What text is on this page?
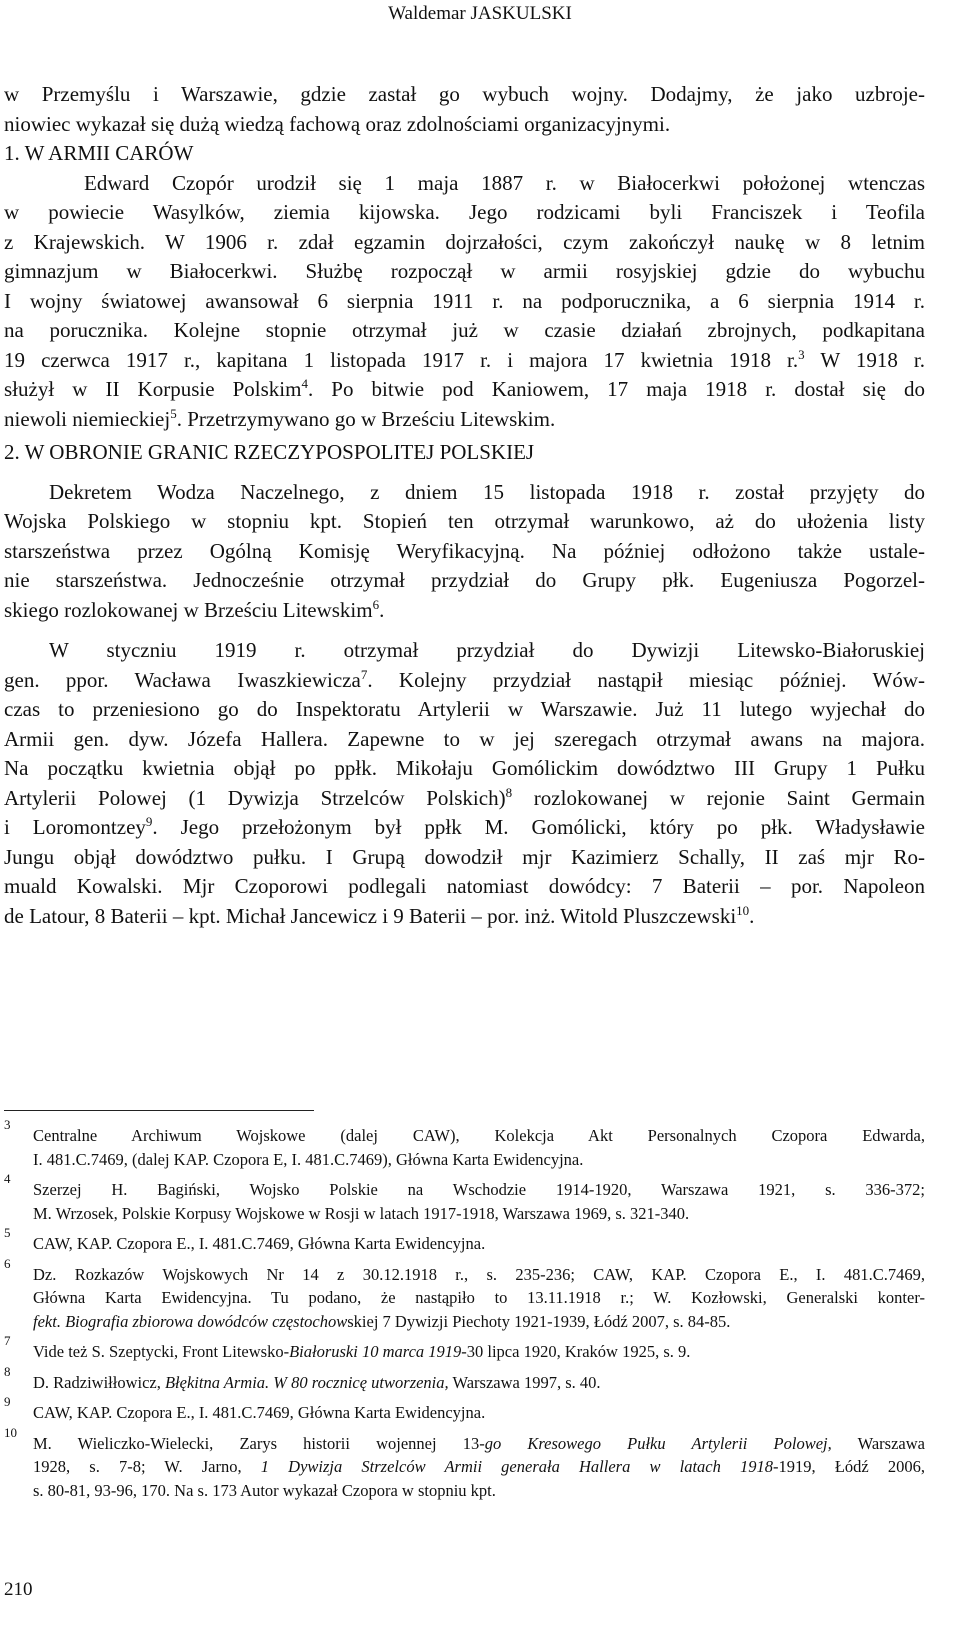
Waldemar JASKULSKI
w Przemyślu i Warszawie, gdzie zastał go wybuch wojny. Dodajmy, że jako uzbroje-
niowiec wykazał się dużą wiedzą fachową oraz zdolnościami organizacyjnymi.
1. W ARMII CARÓW
Edward Czopór urodził się 1 maja 1887 r. w Białocerkwi położonej wtenczas
w powiecie Wasylków, ziemia kijowska. Jego rodzicami byli Franciszek i Teofila
z Krajewskich. W 1906 r. zdał egzamin dojrzałości, czym zakończył naukę w 8 letnim
gimnazjum w Białocerkwi. Służbę rozpoczął w armii rosyjskiej gdzie do wybuchu
I wojny światowej awansował 6 sierpnia 1911 r. na podporucznika, a 6 sierpnia 1914 r.
na porucznika. Kolejne stopnie otrzymał już w czasie działań zbrojnych, podkapitana
19 czerwca 1917 r., kapitana 1 listopada 1917 r. i majora 17 kwietnia 1918 r.$^3$ W 1918 r.
służył w II Korpusie Polskim$^4$. Po bitwie pod Kaniowem, 17 maja 1918 r. dostał się do
niewoli niemieckiej$^5$. Przetrzymywano go w Brześciu Litewskim.
2. W OBRONIE GRANIC RZECZYPOSPOLITEJ POLSKIEJ
Dekretem Wodza Naczelnego, z dniem 15 listopada 1918 r. został przyjęty do
Wojska Polskiego w stopniu kpt. Stopień ten otrzymał warunkowo, aż do ułożenia listy
starszeństwa przez Ogólną Komisję Weryfikacyjną. Na później odłożono także ustale-
nie starszeństwa. Jednocześnie otrzymał przydział do Grupy płk. Eugeniusza Pogorzel-
skiego rozlokowanej w Brześciu Litewskim$^6$.
W styczniu 1919 r. otrzymał przydział do Dywizji Litewsko-Białoruskiej
gen. ppor. Wacława Iwaszkiewicza$^7$. Kolejny przydział nastąpił miesiąc później. Wów-
czas to przeniesiono go do Inspektoratu Artylerii w Warszawie. Już 11 lutego wyjechał do
Armii gen. dyw. Józefa Hallera. Zapewne to w jej szeregach otrzymał awans na majora.
Na początku kwietnia objął po ppłk. Mikołaju Gomólickim dowództwo III Grupy 1 Pułku
Artylerii Polowej (1 Dywizja Strzelców Polskich)$^8$ rozlokowanej w rejonie Saint Germain
i Loromontzey$^9$. Jego przełożonym był ppłk M. Gomólicki, który po płk. Władysławie
Jungu objął dowództwo pułku. I Grupą dowodził mjr Kazimierz Schally, II zaś mjr Ro-
muald Kowalski. Mjr Czoporowi podlegali natomiast dowódcy: 7 Baterii – por. Napoleon
de Latour, 8 Baterii – kpt. Michał Jancewicz i 9 Baterii – por. inż. Witold Pluszczewski$^{10}$.
3
Centralne Archiwum Wojskowe (dalej CAW), Kolekcja Akt Personalnych Czopora Edwarda,
I. 481.C.7469, (dalej KAP. Czopora E, I. 481.C.7469), Główna Karta Ewidencyjna.
4
Szerzej H. Bagiński, Wojsko Polskie na Wschodzie 1914-1920, Warszawa 1921, s. 336-372;
M. Wrzosek, Polskie Korpusy Wojskowe w Rosji w latach 1917-1918, Warszawa 1969, s. 321-340.
5
CAW, KAP. Czopora E., I. 481.C.7469, Główna Karta Ewidencyjna.
6
Dz. Rozkazów Wojskowych Nr 14 z 30.12.1918 r., s. 235-236; CAW, KAP. Czopora E., I. 481.C.7469,
Główna Karta Ewidencyjna. Tu podano, że nastąpiło to 13.11.1918 r.; W. Kozłowski, Generalski konter-
fekt. Biografia zbiorowa dowódców częstochowskiej 7 Dywizji Piechoty 1921-1939, Łódź 2007, s. 84-85.
7
Vide też S. Szeptycki, Front Litewsko-Białoruski 10 marca 1919-30 lipca 1920, Kraków 1925, s. 9.
8
D. Radziwiłłowicz, Błękitna Armia. W 80 rocznicę utworzenia, Warszawa 1997, s. 40.
9
CAW, KAP. Czopora E., I. 481.C.7469, Główna Karta Ewidencyjna.
10
M. Wieliczko-Wielecki, Zarys historii wojennej 13-go Kresowego Pułku Artylerii Polowej, Warszawa
1928, s. 7-8; W. Jarno, 1 Dywizja Strzelców Armii generała Hallera w latach 1918-1919, Łódź 2006,
s. 80-81, 93-96, 170. Na s. 173 Autor wykazał Czopora w stopniu kpt.
210
